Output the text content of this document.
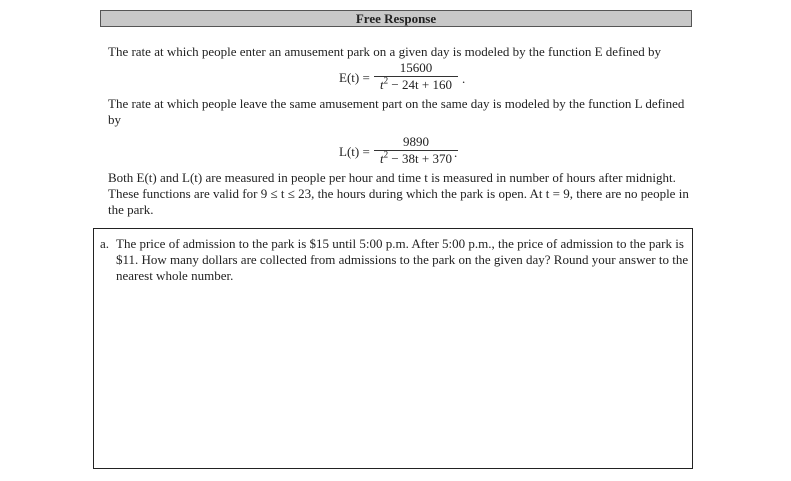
Free Response

The rate at which people enter an amusement park on a given day is modeled by the function E defined by

E(t) =
15600
$t^2 - 24t + 160$ .

The rate at which people leave the same amusement part on the same day is modeled by the function L defined by

L(t) =
9890
$t^2 - 38t + 370$ .

Both E(t) and L(t) are measured in people per hour and time t is measured in number of hours after midnight. These functions are valid for 9 ≤ t ≤ 23, the hours during which the park is open. At t = 9, there are no people in the park.

a. The price of admission to the park is $15 until 5:00 p.m. After 5:00 p.m., the price of admission to the park is $11. How many dollars are collected from admissions to the park on the given day? Round your answer to the nearest whole number.
